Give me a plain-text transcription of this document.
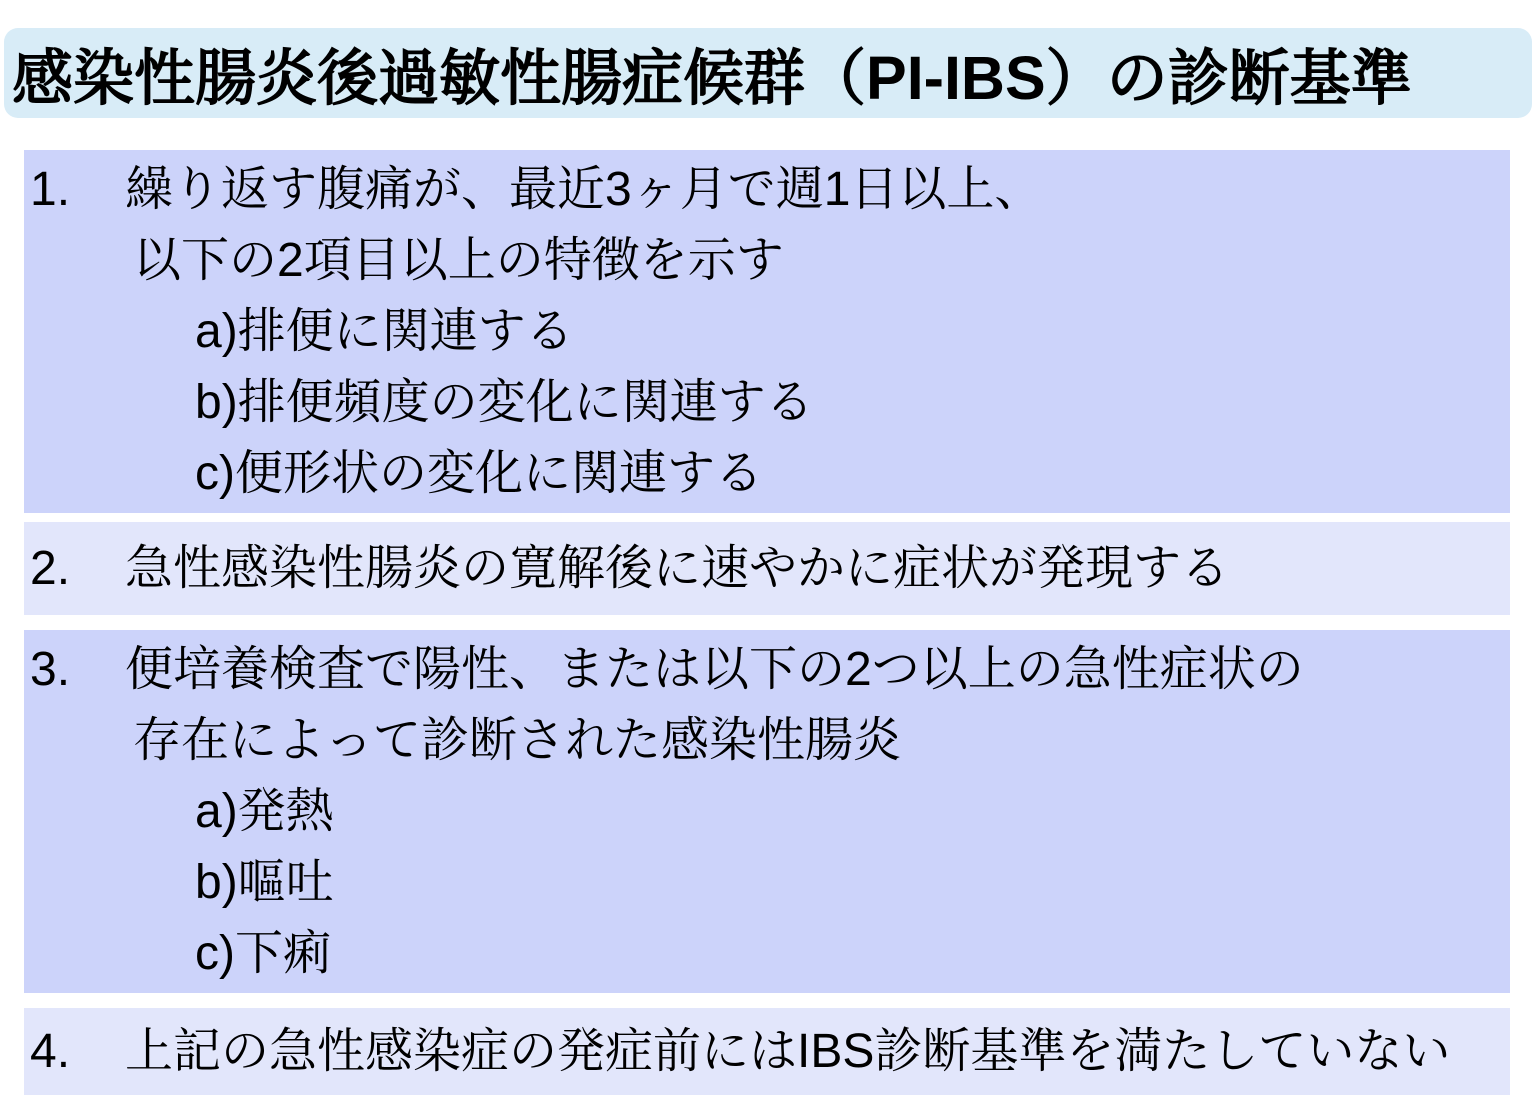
感染性腸炎後過敏性腸症候群（PI-IBS）の診断基準
1.	繰り返す腹痛が、最近3ヶ月で週1日以上、
以下の2項目以上の特徴を示す
a)排便に関連する
b)排便頻度の変化に関連する
c)便形状の変化に関連する
2.	急性感染性腸炎の寛解後に速やかに症状が発現する
3.	便培養検査で陽性、または以下の2つ以上の急性症状の
存在によって診断された感染性腸炎
a)発熱
b)嘔吐
c)下痢
4.	上記の急性感染症の発症前にはIBS診断基準を満たしていない
